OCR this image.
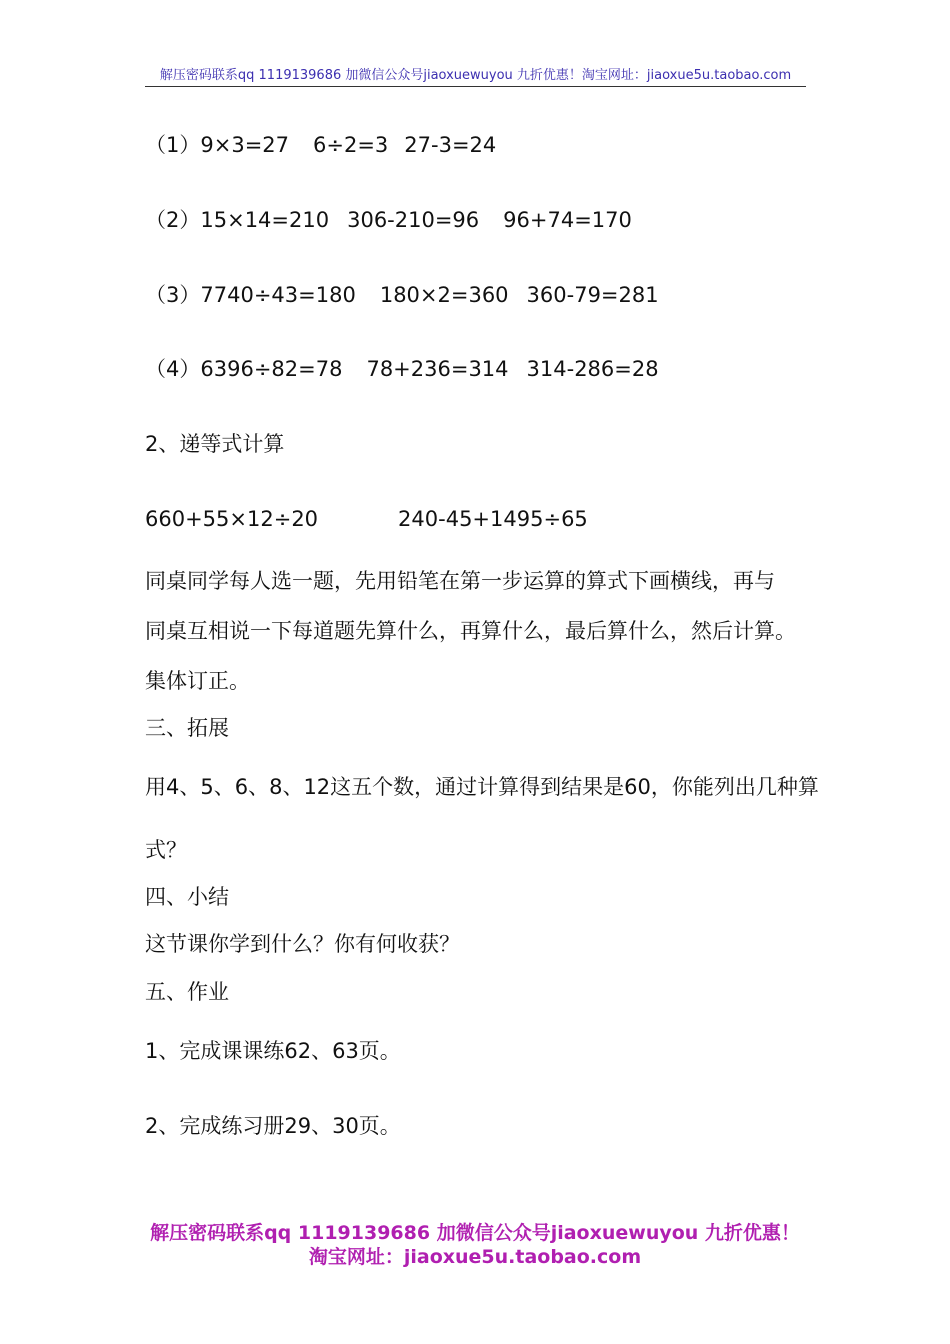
解压密码联系qq 1119139686 加微信公众号jiaoxuewuyou 九折优惠！淘宝网址：jiaoxue5u.taobao.com
（1）9×3=27 6÷2=3 27-3=24
（2）15×14=210 306-210=96 96+74=170
（3）7740÷43=180 180×2=360 360-79=281
（4）6396÷82=78 78+236=314 314-286=28
2、递等式计算
660+55×12÷20	240-45+1495÷65

同桌同学每人选一题，先用铅笔在第一步运算的算式下画横线，再与

同桌互相说一下每道题先算什么，再算什么，最后算什么，然后计算。

集体订正。

三、拓展
用4、5、6、8、12这五个数，通过计算得到结果是60，你能列出几种算
式？
四、小结
这节课你学到什么？你有何收获？
五、作业
1、完成课课练62、63页。
2、完成练习册29、30页。
解压密码联系qq 1119139686 加微信公众号jiaoxuewuyou 九折优惠！
淘宝网址：jiaoxue5u.taobao.com
